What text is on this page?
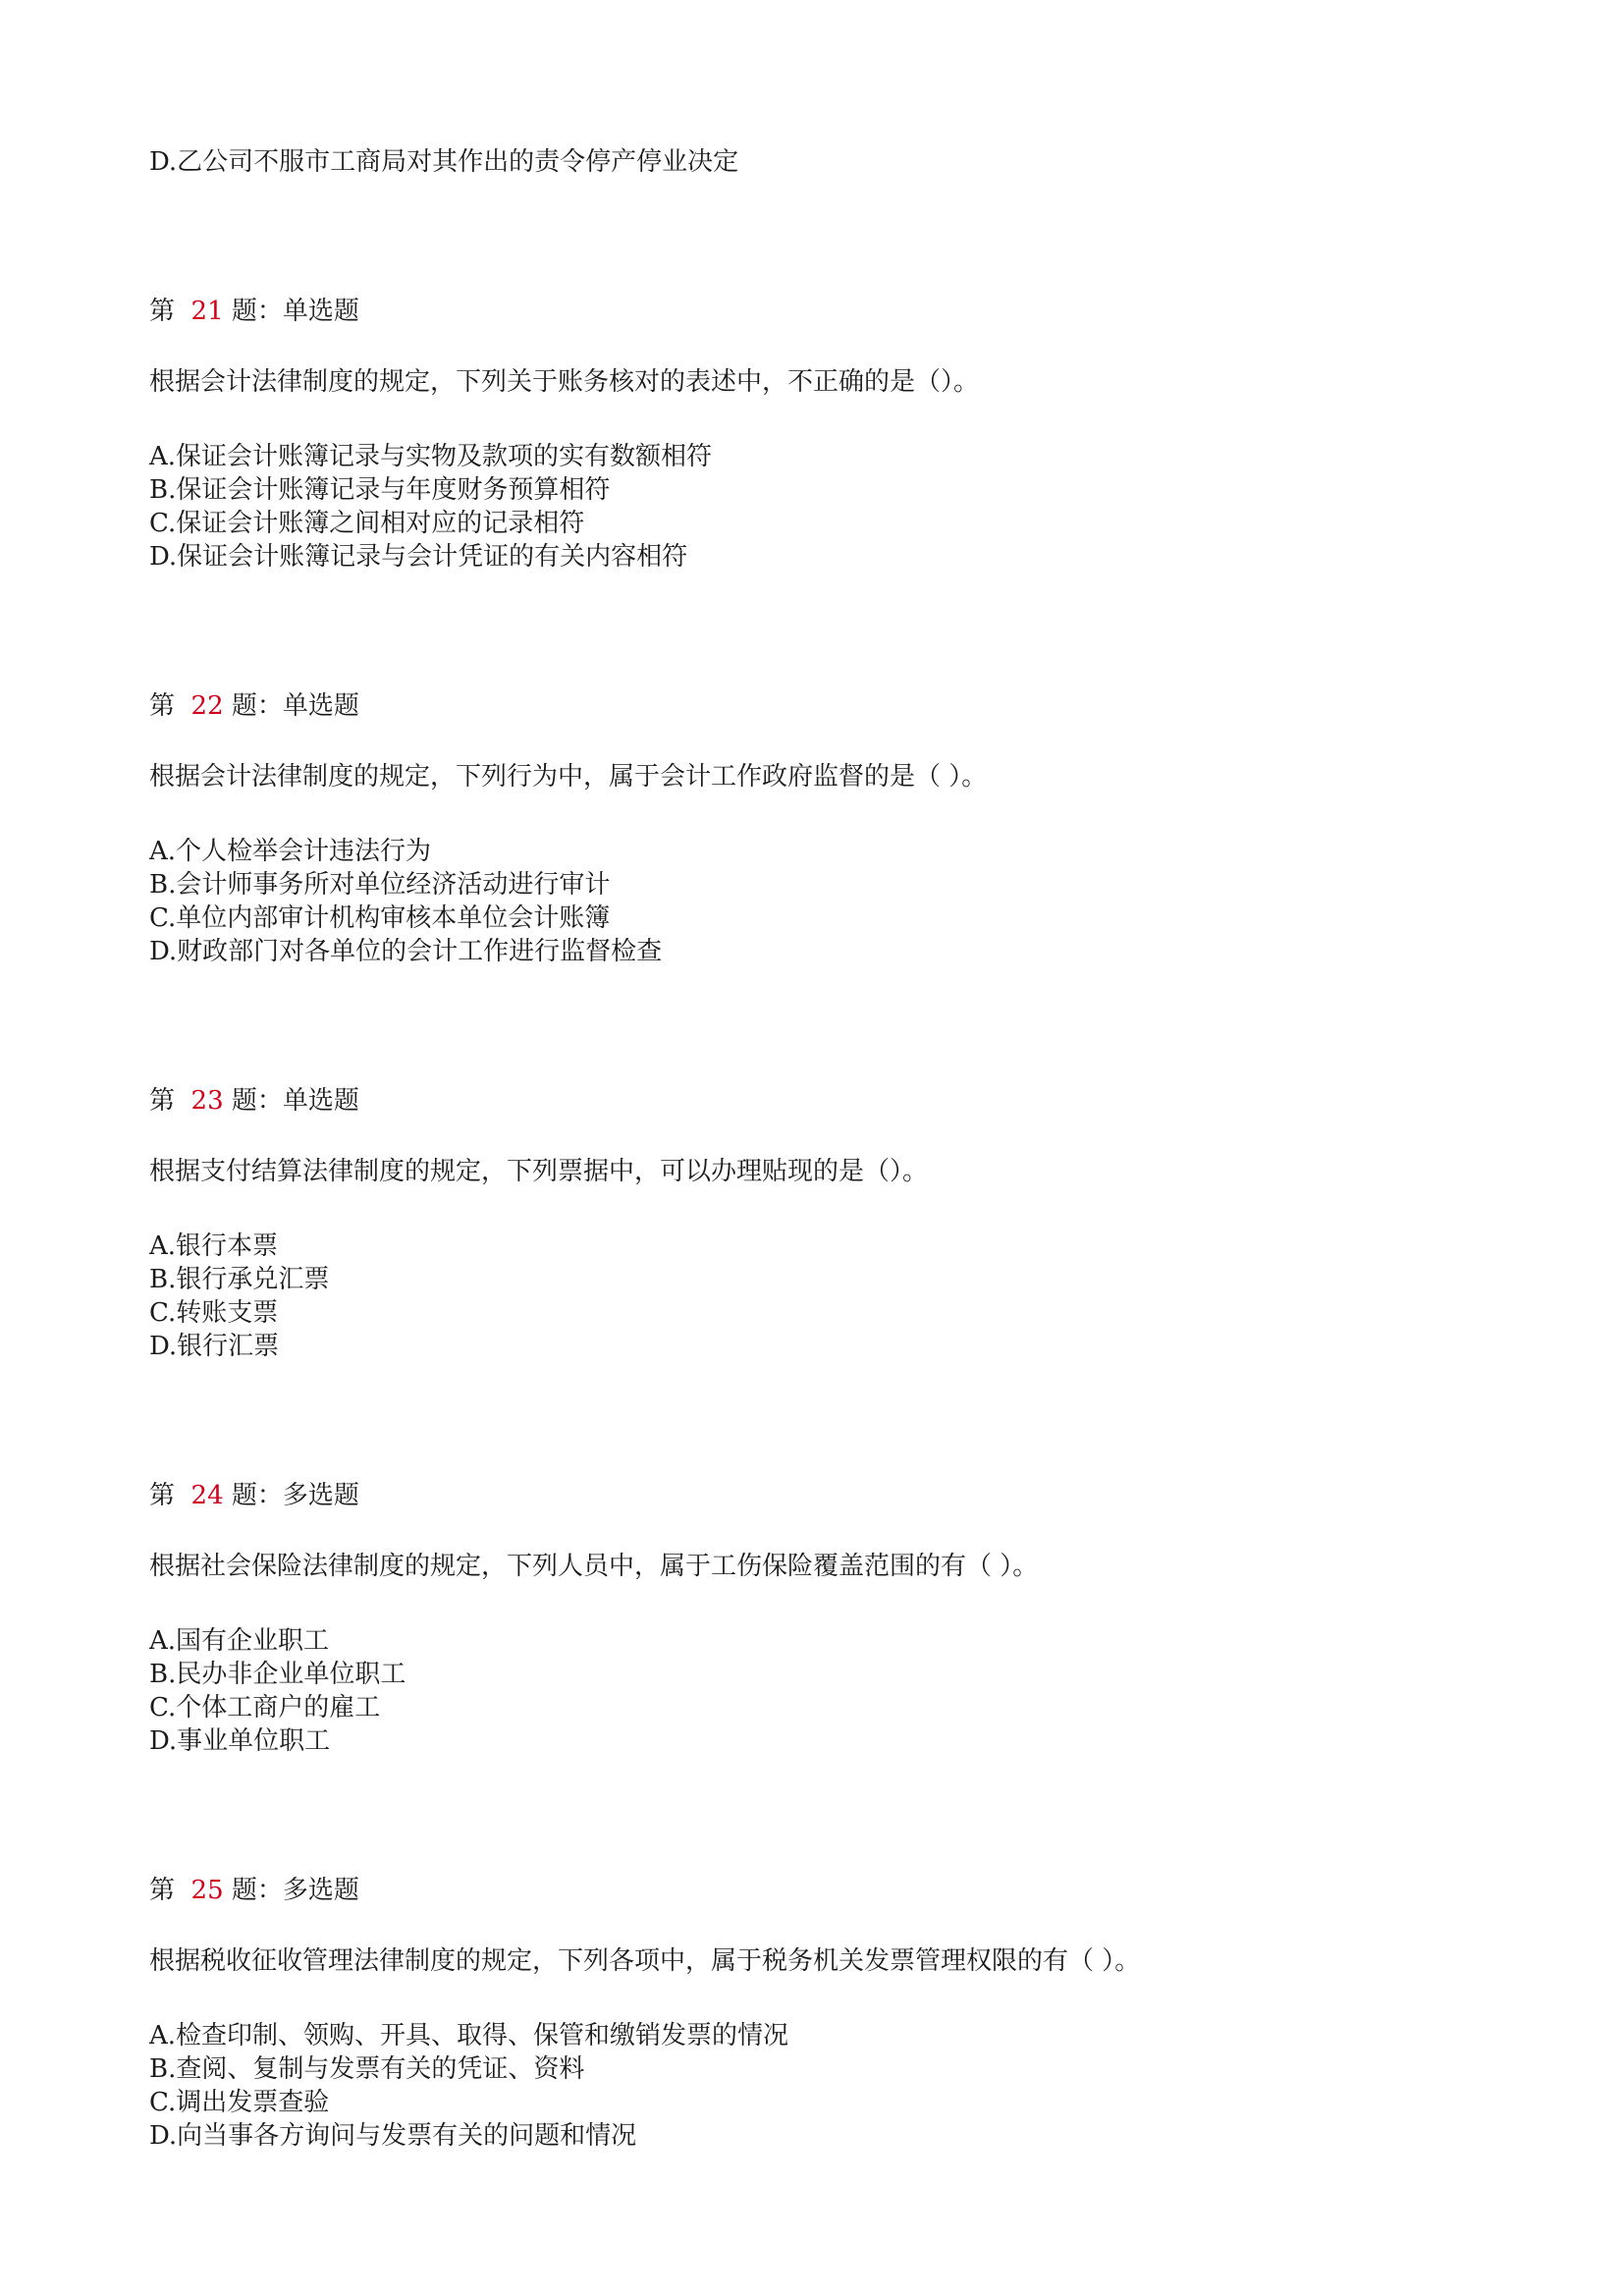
D.乙公司不服市工商局对其作出的责令停产停业决定
第 21 题：单选题
根据会计法律制度的规定，下列关于账务核对的表述中，不正确的是（）。
A.保证会计账簿记录与实物及款项的实有数额相符
B.保证会计账簿记录与年度财务预算相符
C.保证会计账簿之间相对应的记录相符
D.保证会计账簿记录与会计凭证的有关内容相符
第 22 题：单选题
根据会计法律制度的规定，下列行为中，属于会计工作政府监督的是（ ）。
A.个人检举会计违法行为
B.会计师事务所对单位经济活动进行审计
C.单位内部审计机构审核本单位会计账簿
D.财政部门对各单位的会计工作进行监督检查
第 23 题：单选题
根据支付结算法律制度的规定，下列票据中，可以办理贴现的是（）。
A.银行本票
B.银行承兑汇票
C.转账支票
D.银行汇票
第 24 题：多选题
根据社会保险法律制度的规定，下列人员中，属于工伤保险覆盖范围的有（ ）。
A.国有企业职工
B.民办非企业单位职工
C.个体工商户的雇工
D.事业单位职工
第 25 题：多选题
根据税收征收管理法律制度的规定，下列各项中，属于税务机关发票管理权限的有（ ）。
A.检查印制、领购、开具、取得、保管和缴销发票的情况
B.查阅、复制与发票有关的凭证、资料
C.调出发票查验
D.向当事各方询问与发票有关的问题和情况
